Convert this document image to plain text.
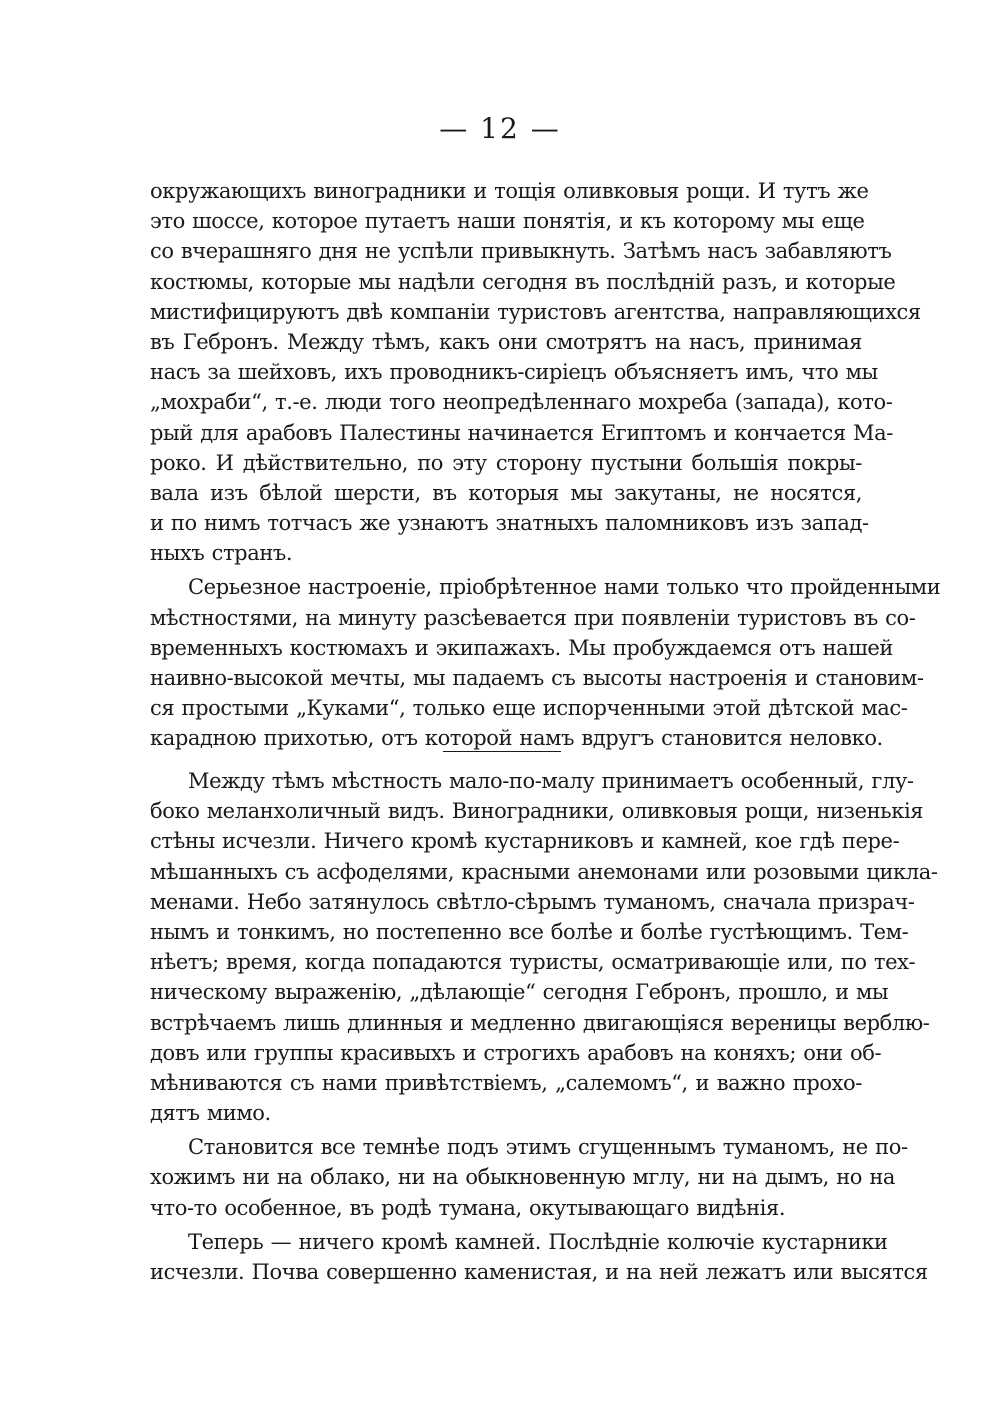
— 12 —
окружающихъ виноградники и тощія оливковыя рощи. И тутъ же
это шоссе, которое путаетъ наши понятія, и къ которому мы еще
со вчерашняго дня не успѣли привыкнуть. Затѣмъ насъ забавляютъ
костюмы, которые мы надѣли сегодня въ послѣдній разъ, и которые
мистифицируютъ двѣ компаніи туристовъ агентства, направляющихся
въ Гебронъ. Между тѣмъ, какъ они смотрятъ на насъ, принимая
насъ за шейховъ, ихъ проводникъ-сиріецъ объясняетъ имъ, что мы
„мохраби“, т.-е. люди того неопредѣленнаго мохреба (запада), кото-
рый для арабовъ Палестины начинается Египтомъ и кончается Ма-
роко. И дѣйствительно, по эту сторону пустыни большія покры-
вала изъ бѣлой шерсти, въ которыя мы закутаны, не носятся,
и по нимъ тотчасъ же узнаютъ знатныхъ паломниковъ изъ запад-
ныхъ странъ.
Серьезное настроеніе, пріобрѣтенное нами только что пройденными
мѣстностями, на минуту разсѣевается при появленіи туристовъ въ со-
временныхъ костюмахъ и экипажахъ. Мы пробуждаемся отъ нашей
наивно-высокой мечты, мы падаемъ съ высоты настроенія и становим-
ся простыми „Куками“, только еще испорченными этой дѣтской мас-
карадною прихотью, отъ которой намъ вдругъ становится неловко.
Между тѣмъ мѣстность мало-по-малу принимаетъ особенный, глу-
боко меланхоличный видъ. Виноградники, оливковыя рощи, низенькія
стѣны исчезли. Ничего кромѣ кустарниковъ и камней, кое гдѣ пере-
мѣшанныхъ съ асфоделями, красными анемонами или розовыми цикла-
менами. Небо затянулось свѣтло-сѣрымъ туманомъ, сначала призрач-
нымъ и тонкимъ, но постепенно все болѣе и болѣе густѣющимъ. Тем-
нѣетъ; время, когда попадаются туристы, осматривающіе или, по тех-
ническому выраженію, „дѣлающіе“ сегодня Гебронъ, прошло, и мы
встрѣчаемъ лишь длинныя и медленно двигающіяся вереницы верблю-
довъ или группы красивыхъ и строгихъ арабовъ на коняхъ; они об-
мѣниваются съ нами привѣтствіемъ, „салемомъ“, и важно прохо-
дятъ мимо.
Становится все темнѣе подъ этимъ сгущеннымъ туманомъ, не по-
хожимъ ни на облако, ни на обыкновенную мглу, ни на дымъ, но на
что-то особенное, въ родѣ тумана, окутывающаго видѣнія.
Теперь — ничего кромѣ камней. Послѣдніе колючіе кустарники
исчезли. Почва совершенно каменистая, и на ней лежатъ или высятся
